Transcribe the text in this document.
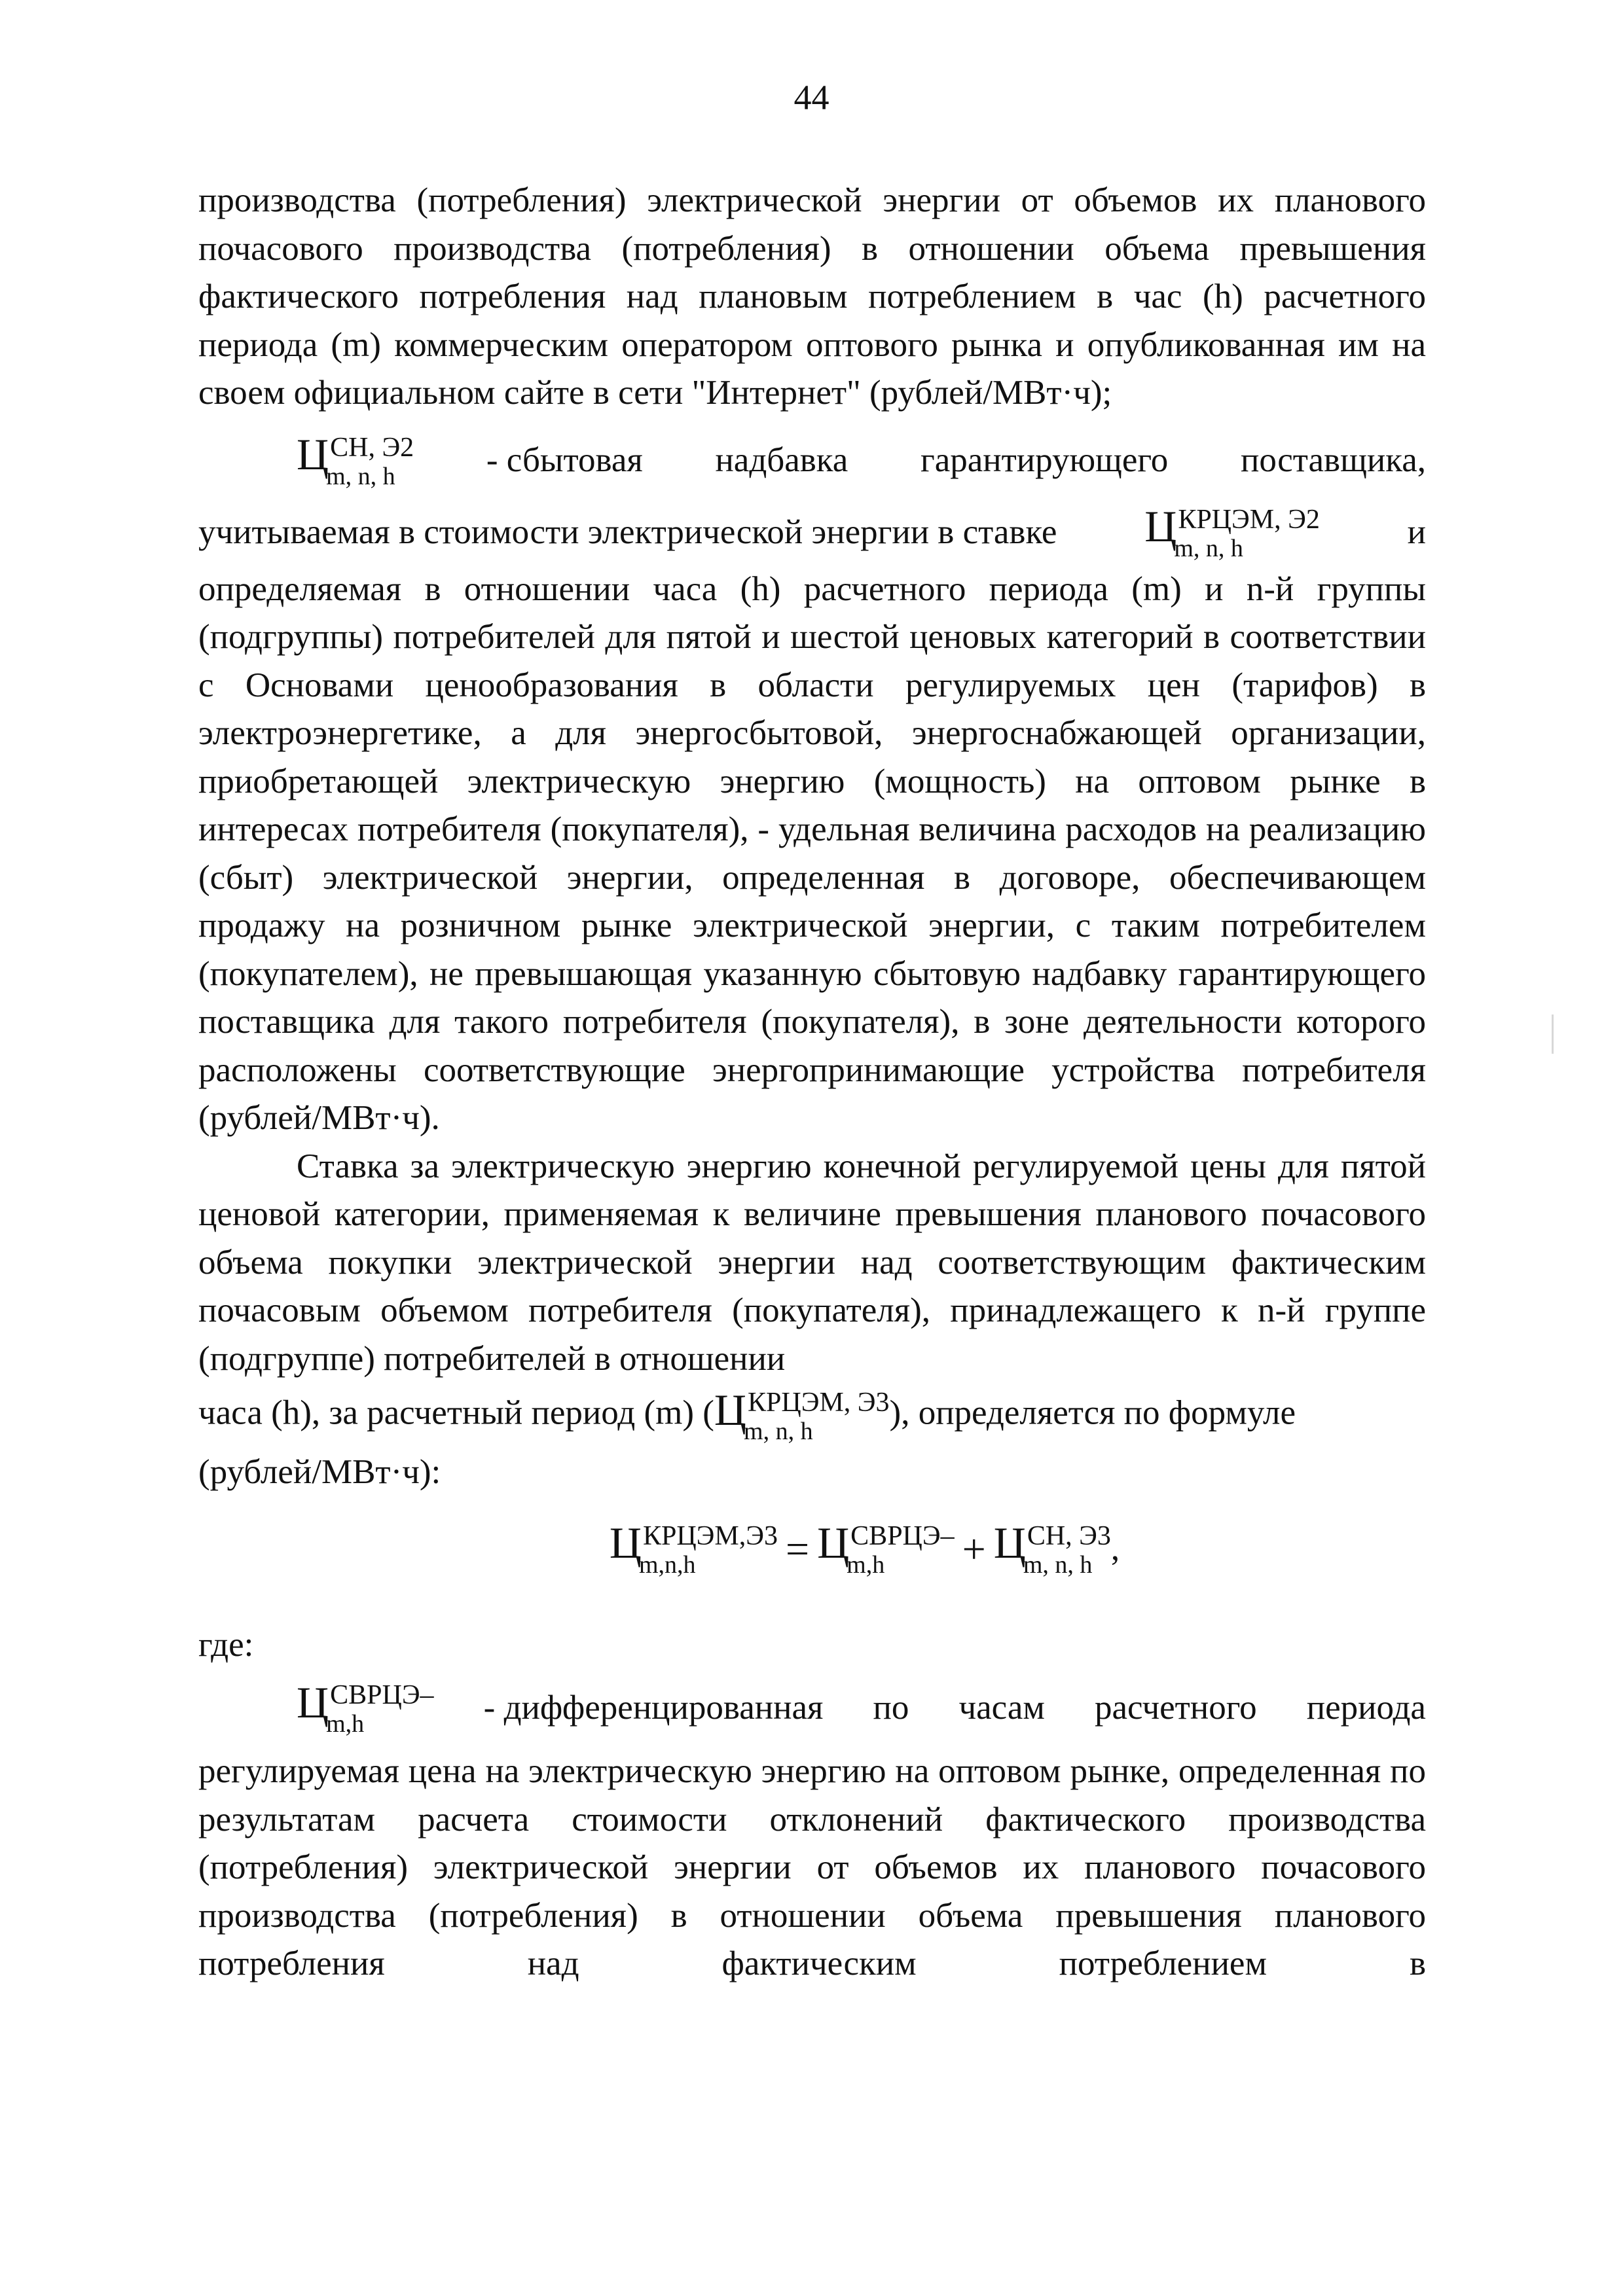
44

производства (потребления) электрической энергии от объемов их планового почасового производства (потребления) в отношении объема превышения фактического потребления над плановым потреблением в час (h) расчетного периода (m) коммерческим оператором оптового рынка и опубликованная им на своем официальном сайте в сети "Интернет" (рублей/МВт·ч);

Ц СН, Э2
m, n, h	- сбытовая надбавка гарантирующего поставщика,
учитываемая в стоимости электрической энергии в ставке Ц КРЦЭМ, Э2
m, n, h	и

определяемая в отношении часа (h) расчетного периода (m) и n-й группы (подгруппы) потребителей для пятой и шестой ценовых категорий в соответствии с Основами ценообразования в области регулируемых цен (тарифов) в электроэнергетике, а для энергосбытовой, энергоснабжающей организации, приобретающей электрическую энергию (мощность) на оптовом рынке в интересах потребителя (покупателя), - удельная величина расходов на реализацию (сбыт) электрической энергии, определенная в договоре, обеспечивающем продажу на розничном рынке электрической энергии, с таким потребителем (покупателем), не превышающая указанную сбытовую надбавку гарантирующего поставщика для такого потребителя (покупателя), в зоне деятельности которого расположены соответствующие энергопринимающие устройства потребителя (рублей/МВт·ч).

Ставка за электрическую энергию конечной регулируемой цены для пятой ценовой категории, применяемая к величине превышения планового почасового объема покупки электрической энергии над соответствующим фактическим почасовым объемом потребителя (покупателя), принадлежащего к n-й группе (подгруппе) потребителей в отношении

часа (h), за расчетный период (m) (Ц КРЦЭМ, Э3
m, n, h
), определяется по формуле

(рублей/МВт·ч):

Ц КРЦЭМ,Э3
m,n,h	= Ц СВРЦЭ–
m,h	+ Ц СН, Э3
m, n, h ,

где:

Ц СВРЦЭ–
m,h	- дифференцированная по часам расчетного периода

регулируемая цена на электрическую энергию на оптовом рынке, определенная по результатам расчета стоимости отклонений фактического производства (потребления) электрической энергии от объемов их планового почасового производства (потребления) в отношении объема превышения планового потребления над фактическим потреблением в
